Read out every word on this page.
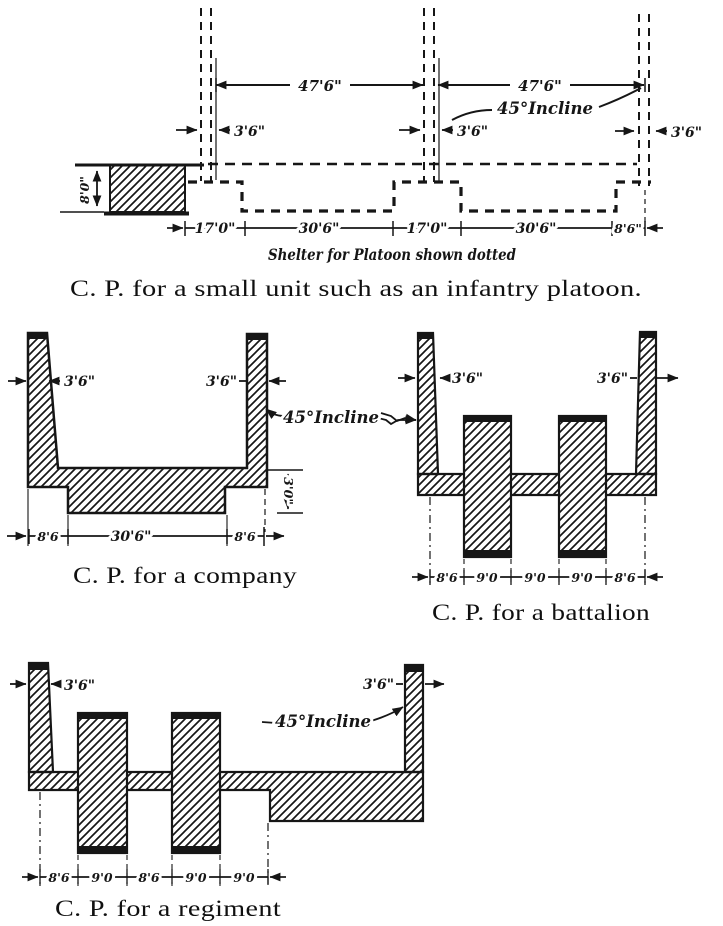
47'6"	47'6"
45°Incline
3'6"	3'6"	3'6"
8'0"
17'0"	30'6"	17'0"	30'6"	8'6"
Shelter for Platoon shown dotted
C. P. for a small unit such as an infantry platoon.
3'6"	3'6"
45°Incline
3'0"
8'6	30'6"	8'6
C. P. for a company
3'6"	3'6"
8'6 9'0 9'0 9'0 8'6
C. P. for a battalion
3'6"	3'6"
45°Incline
8'6 9'0 8'6 9'0 9'0
C. P. for a regiment
